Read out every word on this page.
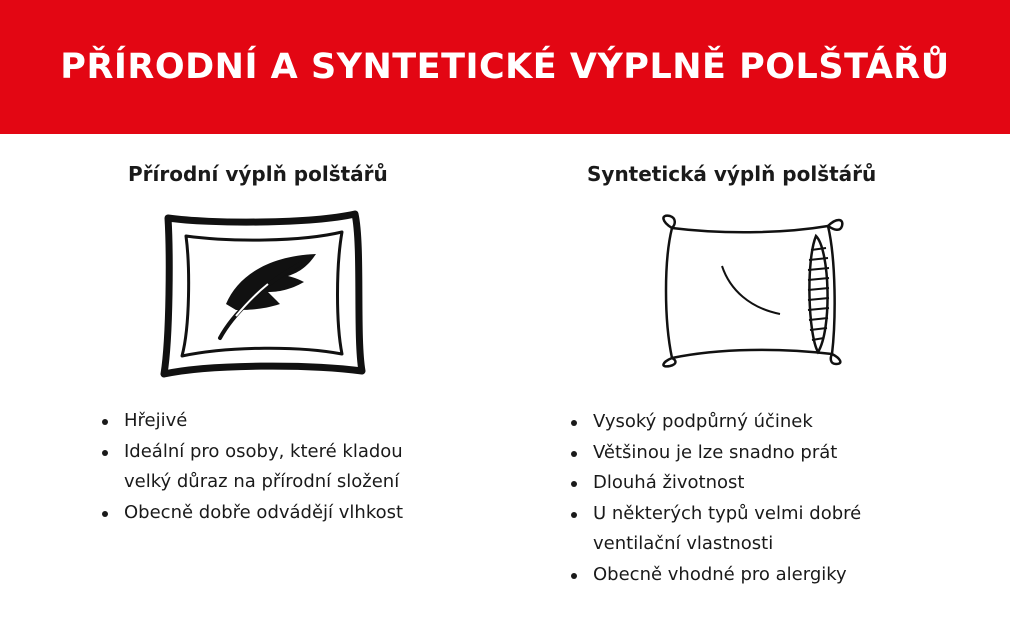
PŘÍRODNÍ A SYNTETICKÉ VÝPLNĚ POLŠTÁŘŮ
Přírodní výplň polštářů
Hřejivé
Ideální pro osoby, které kladou
velký důraz na přírodní složení
Obecně dobře odvádějí vlhkost
Syntetická výplň polštářů
Vysoký podpůrný účinek
Většinou je lze snadno prát
Dlouhá životnost
U některých typů velmi dobré
ventilační vlastnosti
Obecně vhodné pro alergiky
